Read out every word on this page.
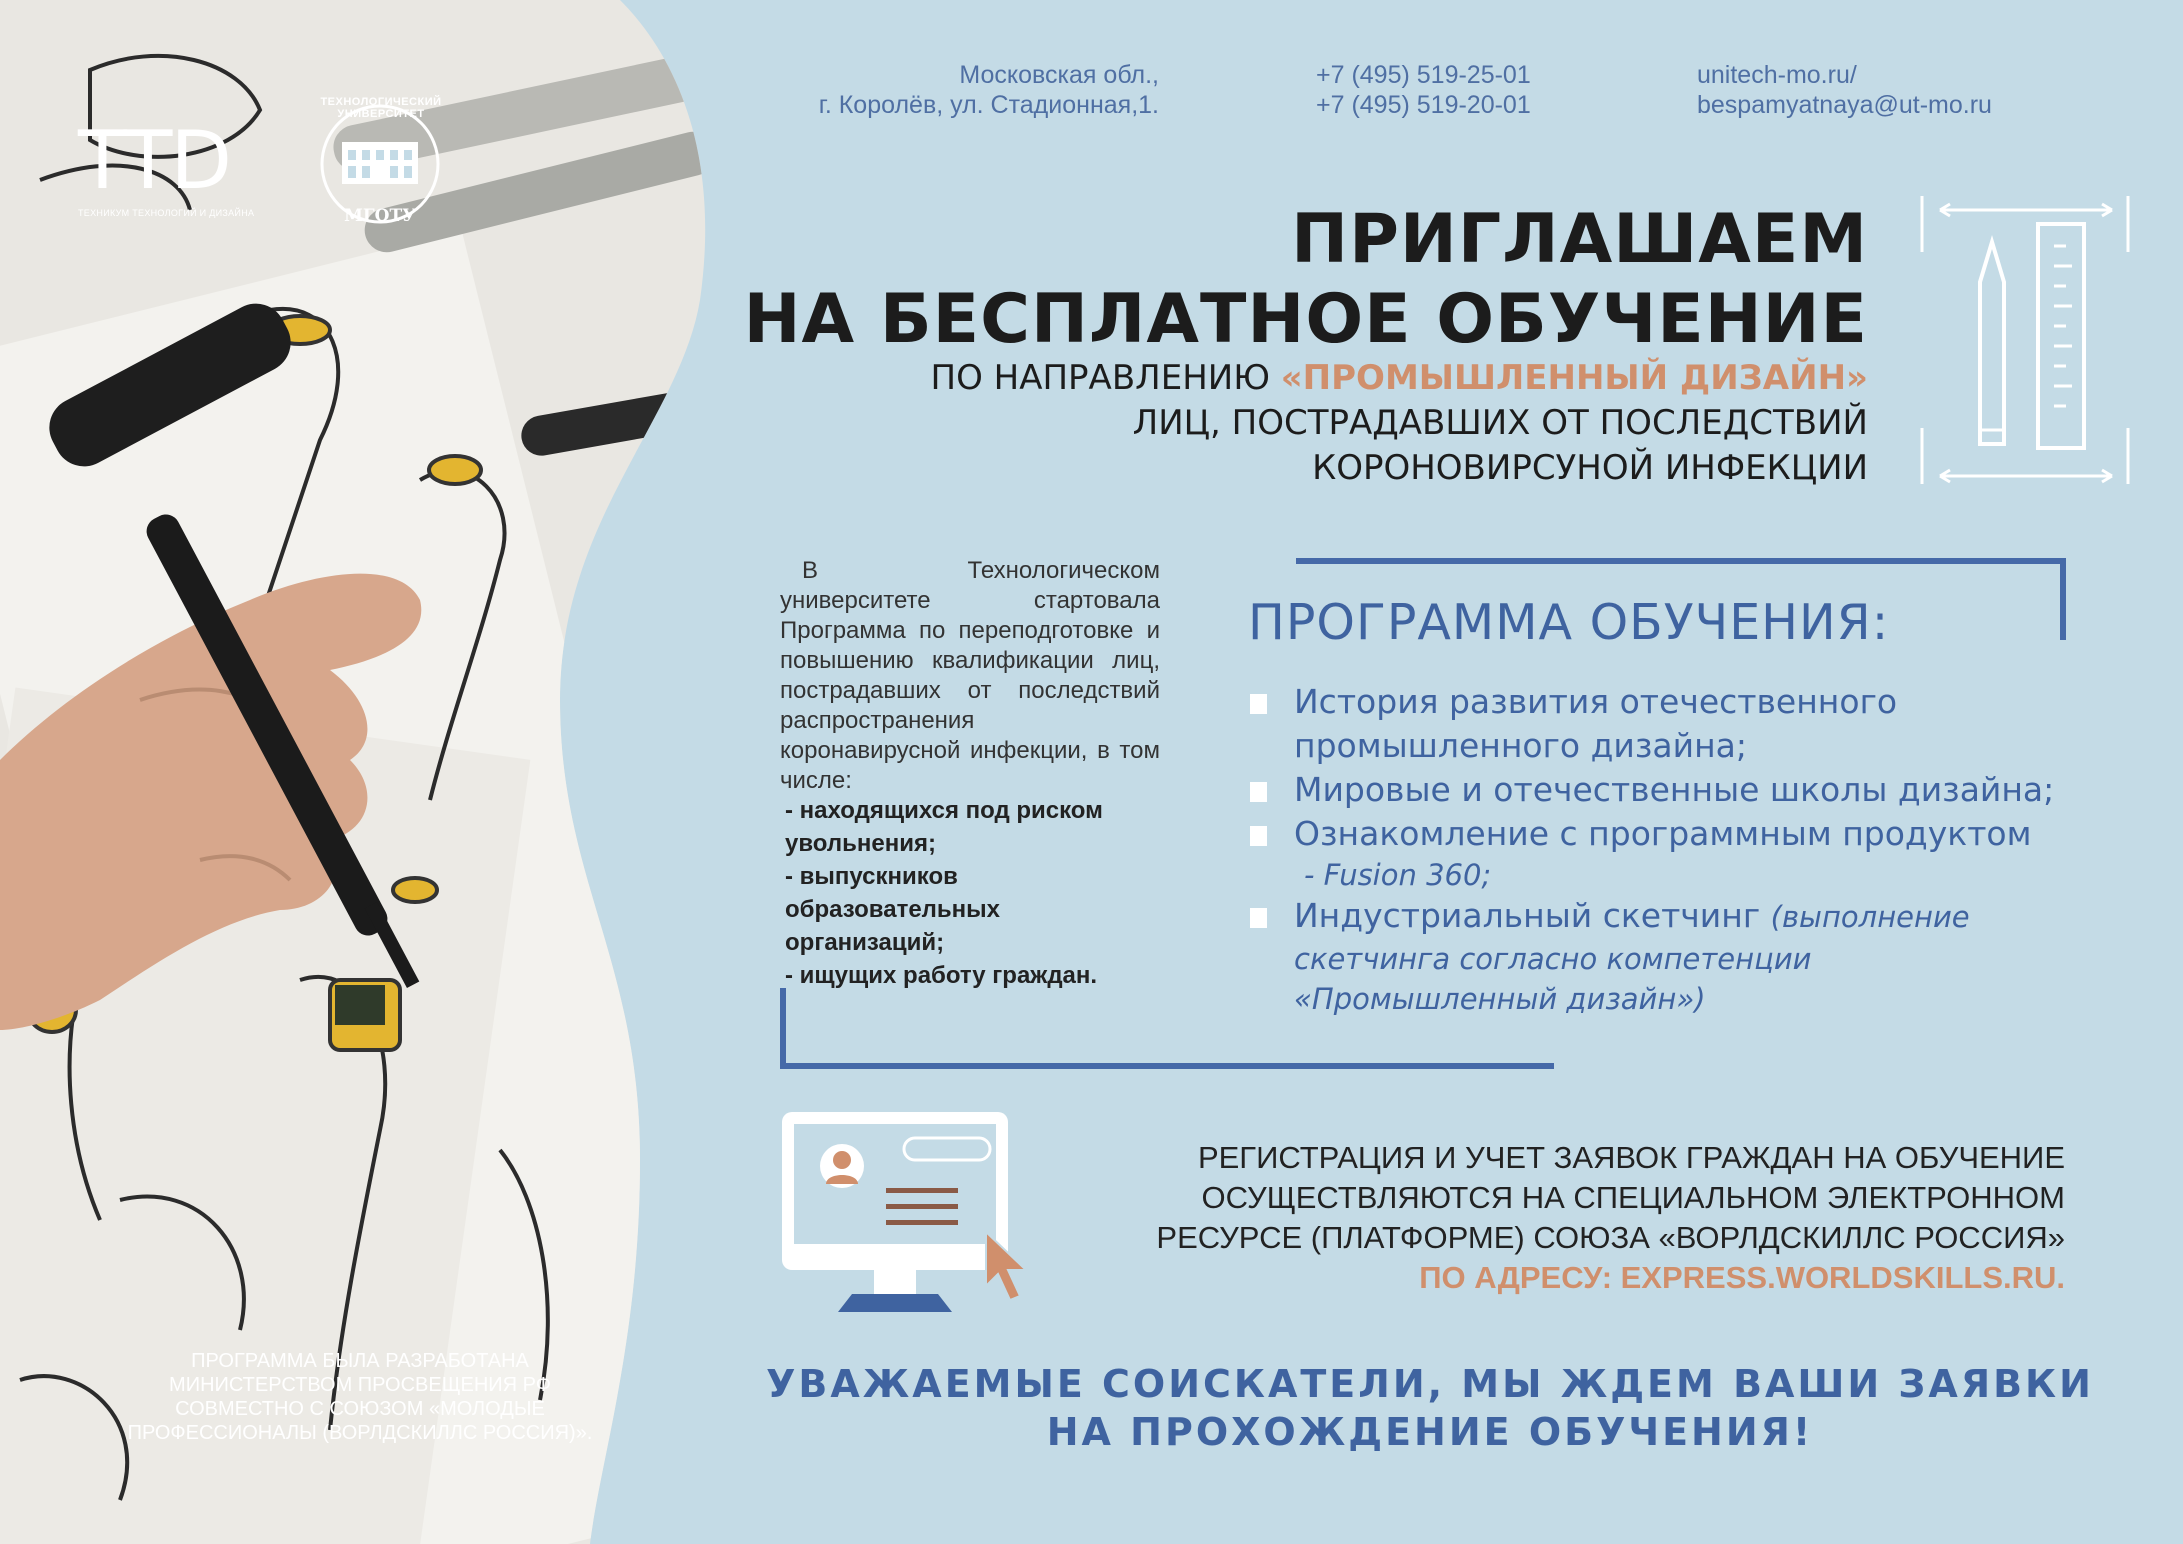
TTD
ТЕХНИКУМ ТЕХНОЛОГИЙ И ДИЗАЙНА
ТЕХНОЛОГИЧЕСКИЙ УНИВЕРСИТЕТ
МГОТУ
Московская обл.,
г. Королёв, ул. Стадионная,1.
+7 (495) 519-25-01
+7 (495) 519-20-01
unitech-mo.ru/
bespamyatnaya@ut-mo.ru
ПРИГЛАШАЕМ
НА БЕСПЛАТНОЕ ОБУЧЕНИЕ
ПО НАПРАВЛЕНИЮ «ПРОМЫШЛЕННЫЙ ДИЗАЙН»
ЛИЦ, ПОСТРАДАВШИХ ОТ ПОСЛЕДСТВИЙ
КОРОНОВИРСУНОЙ ИНФЕКЦИИ
В Технологическом университете стартовала Программа по переподготовке и повышению квалификации лиц, пострадавших от последствий распространения коронавирусной инфекции, в том числе:
- находящихся под риском увольнения;
- выпускников образовательных организаций;
- ищущих работу граждан.
ПРОГРАММА ОБУЧЕНИЯ:
История развития отечественного
промышленного дизайна;
Мировые и отечественные школы дизайна;
Ознакомление с программным продуктом
- Fusion 360;
Индустриальный скетчинг (выполнение
скетчинга согласно компетенции
«Промышленный дизайн»)
РЕГИСТРАЦИЯ И УЧЕТ ЗАЯВОК ГРАЖДАН НА ОБУЧЕНИЕ
ОСУЩЕСТВЛЯЮТСЯ НА СПЕЦИАЛЬНОМ ЭЛЕКТРОННОМ
РЕСУРСЕ (ПЛАТФОРМЕ) СОЮЗА «ВОРЛДСКИЛЛС РОССИЯ»
ПО АДРЕСУ: EXPRESS.WORLDSKILLS.RU.
УВАЖАЕМЫЕ СОИСКАТЕЛИ, МЫ ЖДЕМ ВАШИ ЗАЯВКИ
НА ПРОХОЖДЕНИЕ ОБУЧЕНИЯ!
ПРОГРАММА БЫЛА РАЗРАБОТАНА
МИНИСТЕРСТВОМ ПРОСВЕЩЕНИЯ РФ
СОВМЕСТНО С СОЮЗОМ «МОЛОДЫЕ
ПРОФЕССИОНАЛЫ (ВОРЛДСКИЛЛС РОССИЯ)».
